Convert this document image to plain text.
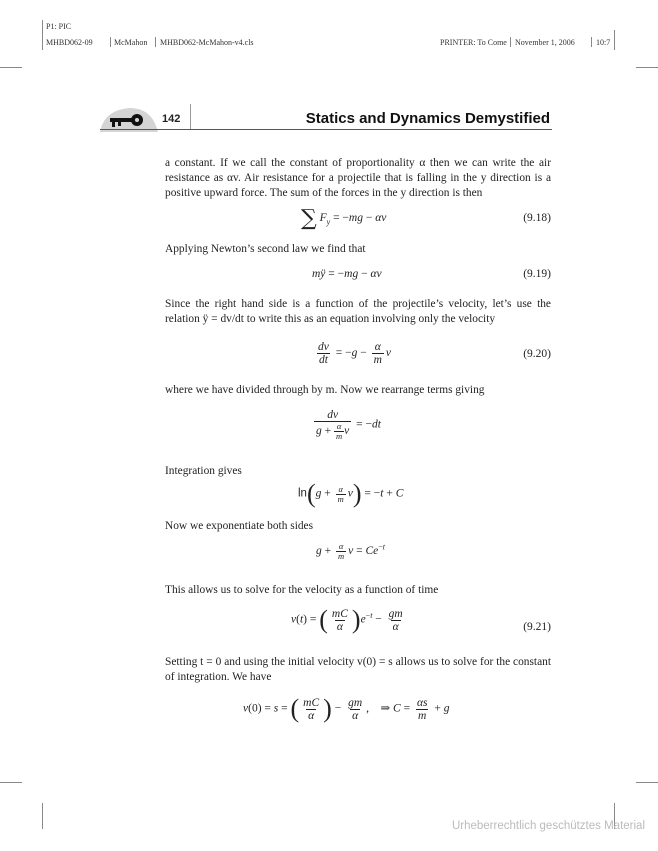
P1: PIC
MHBD062-09	McMahon MHBD062-McMahon-v4.cls	PRINTER: To Come November 1, 2006	10:7
142	Statics and Dynamics Demystified

a constant. If we call the constant of proportionality α then we can write the air resistance as αv. Air resistance for a projectile that is falling in the y direction is a positive upward force. The sum of the forces in the y direction is then

∑ $F_y = -mg - \alpha v$	(9.18)

Applying Newton’s second law we find that

mÿ = −mg − αv	(9.19)

Since the right hand side is a function of the projectile’s velocity, let’s use the relation ÿ = dv/dt to write this as an equation involving only the velocity

$\frac{dv}{dt} = -g - \frac{\alpha}{m}$ v	(9.20)

where we have divided through by m. Now we rearrange terms giving

$\frac{dv}{g + \frac{\alpha}{m} v} = -dt$

Integration gives

$\ln(g + \frac{\alpha}{m} v) = -t + C$

Now we exponentiate both sides

$g + \frac{\alpha}{m}$ $v = Ce^{-t}$

This allows us to solve for the velocity as a function of time

v(t) = ( $\frac{mC}{\alpha} )e^{-t} - \frac{gm}{\alpha}$	(9.21)

Setting t = 0 and using the initial velocity v(0) = s allows us to solve for the constant of integration. We have

v(0) = s = ( $\frac{mC}{\alpha}$ ) − $\frac{gm}{\alpha}$ ,    ⇒ $C = \frac{\alpha s}{m} + g$
Urheberrechtlich geschütztes Material
